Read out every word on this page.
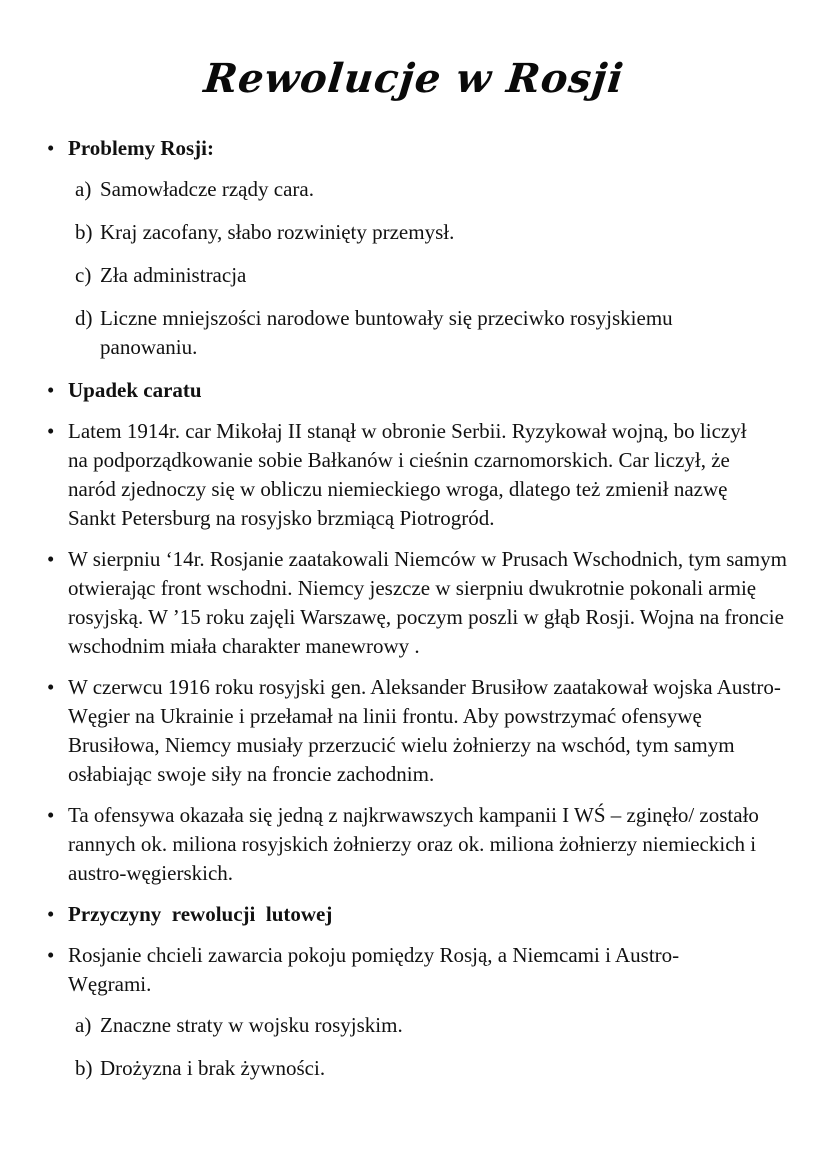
Rewolucje w Rosji
• Problemy Rosji:
a) Samowładcze rządy cara.
b) Kraj zacofany, słabo rozwinięty przemysł.
c) Zła administracja
d) Liczne mniejszości narodowe buntowały się przeciwko rosyjskiemu panowaniu.
• Upadek caratu
• Latem 1914r. car Mikołaj II stanął w obronie Serbii. Ryzykował wojną, bo liczył na podporządkowanie sobie Bałkanów i cieśnin czarnomorskich. Car liczył, że naród zjednoczy się w obliczu niemieckiego wroga, dlatego też zmienił nazwę Sankt Petersburg na rosyjsko brzmiącą Piotrogród.
• W sierpniu ‘14r. Rosjanie zaatakowali Niemców w Prusach Wschodnich, tym samym otwierając front wschodni. Niemcy jeszcze w sierpniu dwukrotnie pokonali armię rosyjską. W ’15 roku zajęli Warszawę, poczym poszli w głąb Rosji. Wojna na froncie wschodnim miała charakter manewrowy .
• W czerwcu 1916 roku rosyjski gen. Aleksander Brusiłow zaatakował wojska Austro-Węgier na Ukrainie i przełamał na linii frontu. Aby powstrzymać ofensywę Brusiłowa, Niemcy musiały przerzucić wielu żołnierzy na wschód, tym samym osłabiając swoje siły na froncie zachodnim.
• Ta ofensywa okazała się jedną z najkrwawszych kampanii I WŚ – zginęło/ zostało rannych ok. miliona rosyjskich żołnierzy oraz ok. miliona żołnierzy niemieckich i austro-węgierskich.
• Przyczyny  rewolucji  lutowej
• Rosjanie chcieli zawarcia pokoju pomiędzy Rosją, a Niemcami i Austro-Węgrami.
a) Znaczne straty w wojsku rosyjskim.
b) Drożyzna i brak żywności.
